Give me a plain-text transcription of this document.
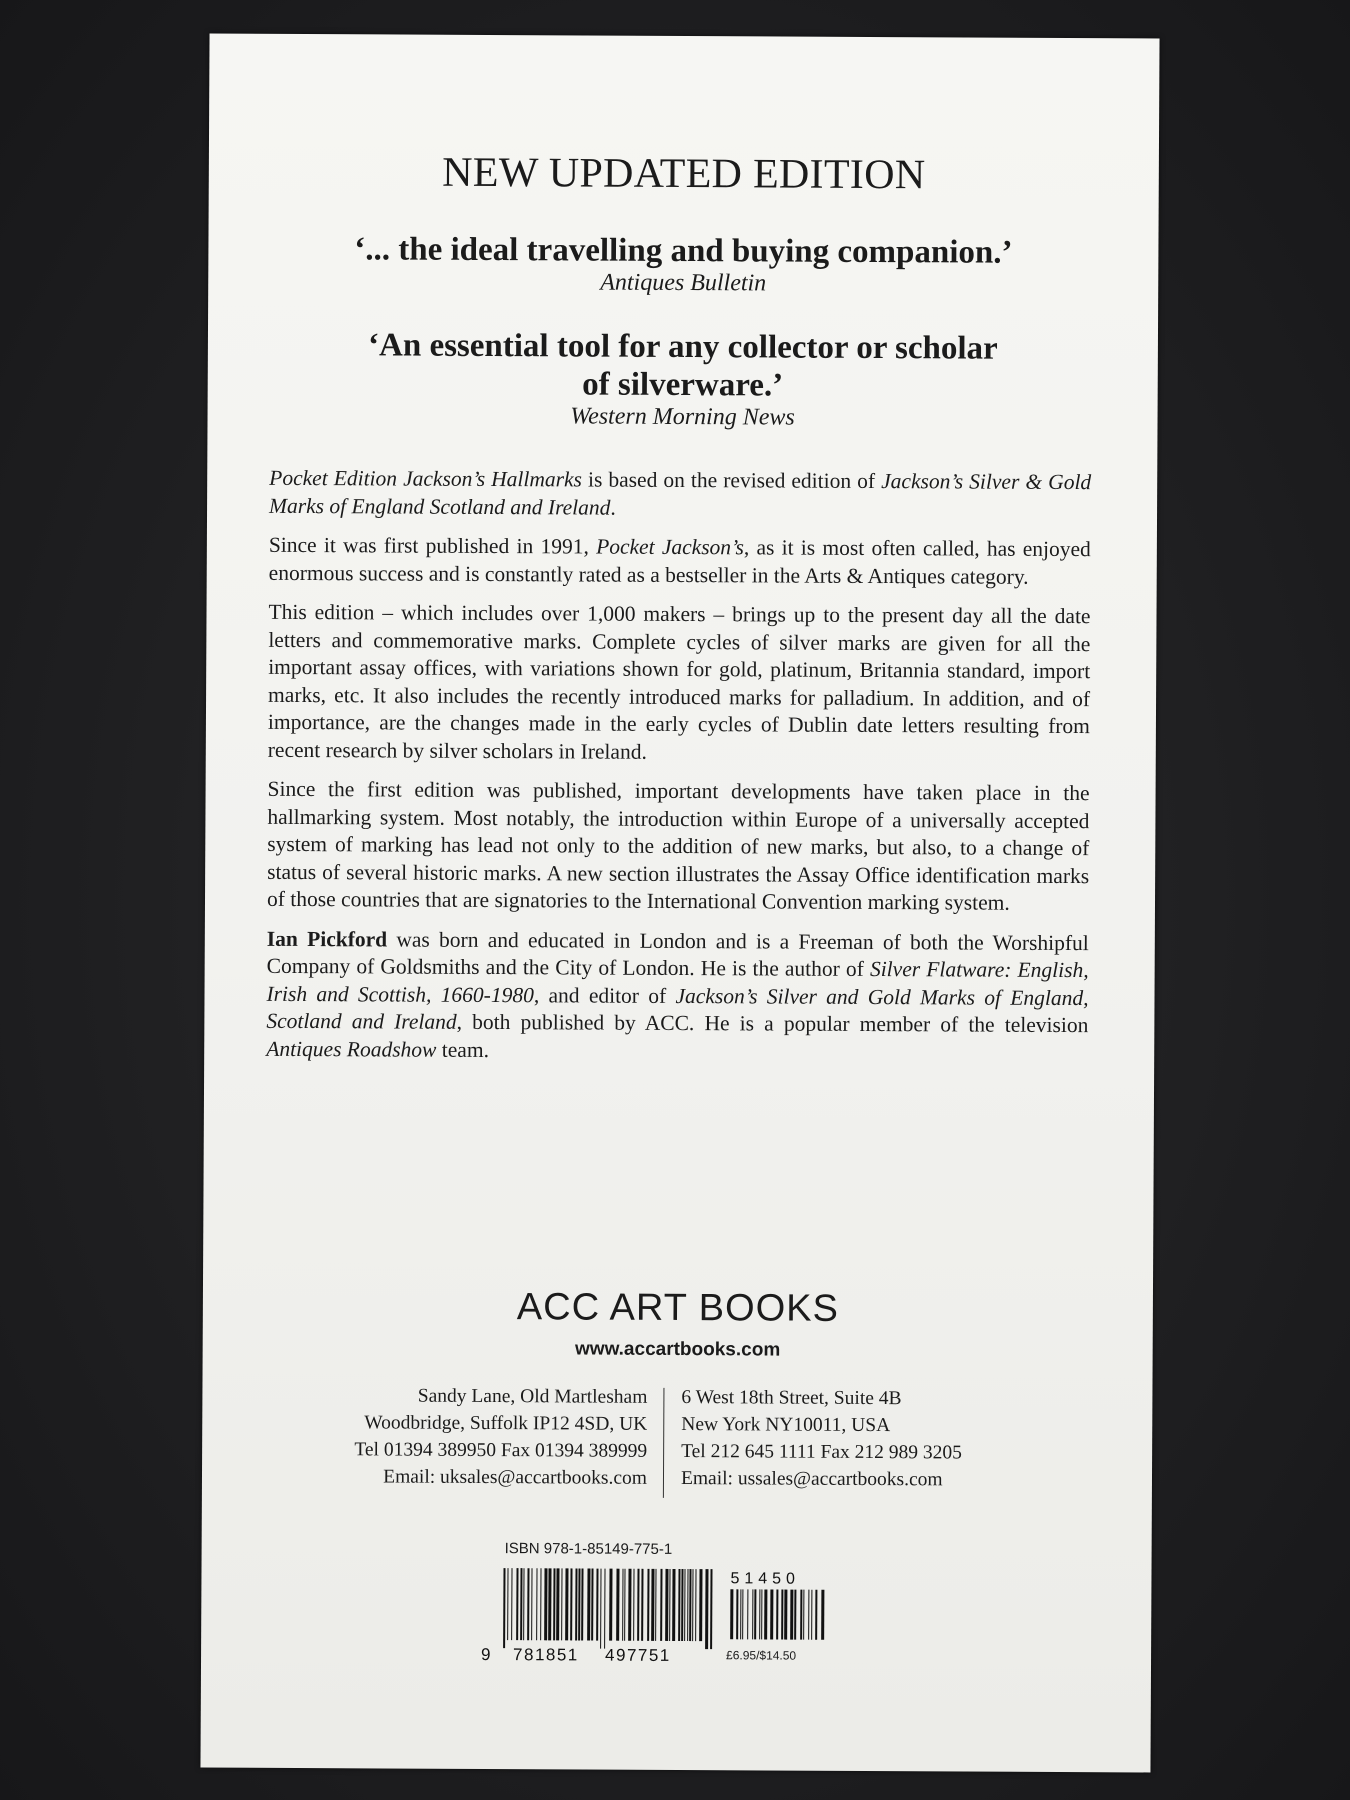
NEW UPDATED EDITION
‘... the ideal travelling and buying companion.’
Antiques Bulletin
‘An essential tool for any collector or scholar
of silverware.’
Western Morning News

Pocket Edition Jackson’s Hallmarks is based on the revised edition of Jackson’s Silver & Gold Marks of England Scotland and Ireland.

Since it was first published in 1991, Pocket Jackson’s, as it is most often called, has enjoyed enormous success and is constantly rated as a bestseller in the Arts & Antiques category.

This edition – which includes over 1,000 makers – brings up to the present day all the date letters and commemorative marks. Complete cycles of silver marks are given for all the important assay offices, with variations shown for gold, platinum, Britannia standard, import marks, etc. It also includes the recently introduced marks for palladium. In addition, and of importance, are the changes made in the early cycles of Dublin date letters resulting from recent research by silver scholars in Ireland.

Since the first edition was published, important developments have taken place in the hallmarking system. Most notably, the introduction within Europe of a universally accepted system of marking has lead not only to the addition of new marks, but also, to a change of status of several historic marks. A new section illustrates the Assay Office identification marks of those countries that are signatories to the International Convention marking system.

Ian Pickford was born and educated in London and is a Freeman of both the Worshipful Company of Goldsmiths and the City of London. He is the author of Silver Flatware: English, Irish and Scottish, 1660-1980, and editor of Jackson’s Silver and Gold Marks of England, Scotland and Ireland, both published by ACC. He is a popular member of the television Antiques Roadshow team.

ACC ART BOOKS
www.accartbooks.com
Sandy Lane, Old Martlesham
Woodbridge, Suffolk IP12 4SD, UK
Tel 01394 389950 Fax 01394 389999
Email: uksales@accartbooks.com
6 West 18th Street, Suite 4B
New York NY10011, USA
Tel 212 645 1111 Fax 212 989 3205
Email: ussales@accartbooks.com
ISBN 978-1-85149-775-1
9 781851 497751
51450
£6.95/$14.50
